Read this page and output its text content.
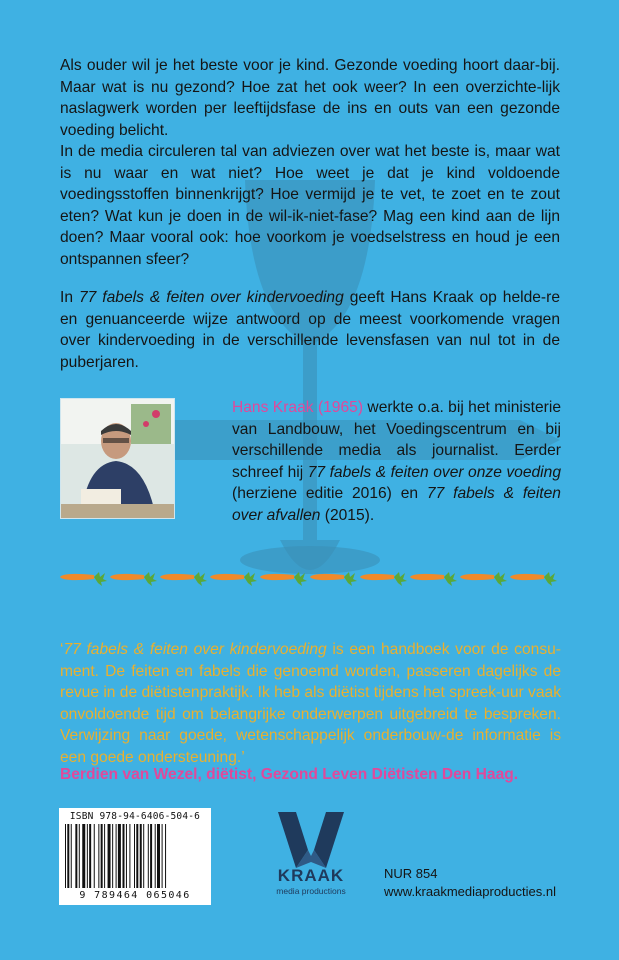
Als ouder wil je het beste voor je kind. Gezonde voeding hoort daar-bij. Maar wat is nu gezond? Hoe zat het ook weer? In een overzichte-lijk naslagwerk worden per leeftijdsfase de ins en outs van een gezonde voeding belicht.

In de media circuleren tal van adviezen over wat het beste is, maar wat is nu waar en wat niet? Hoe weet je dat je kind voldoende voedingsstoffen binnenkrijgt? Hoe vermijd je te vet, te zoet en te zout eten? Wat kun je doen in de wil-ik-niet-fase? Mag een kind aan de lijn doen? Maar vooral ook: hoe voorkom je voedselstress en houd je een ontspannen sfeer?

In 77 fabels & feiten over kindervoeding geeft Hans Kraak op helde-re en genuanceerde wijze antwoord op de meest voorkomende vragen over kindervoeding in de verschillende levensfasen van nul tot in de puberjaren.

Hans Kraak (1965) werkte o.a. bij het ministerie van Landbouw, het Voedingscentrum en bij verschillende media als journalist. Eerder schreef hij 77 fabels & feiten over onze voeding (herziene editie 2016) en 77 fabels & feiten over afvallen (2015).

‘77 fabels & feiten over kindervoeding is een handboek voor de consu-ment. De feiten en fabels die genoemd worden, passeren dagelijks de revue in de diëtistenpraktijk. Ik heb als diëtist tijdens het spreek-uur vaak onvoldoende tijd om belangrijke onderwerpen uitgebreid te bespreken. Verwijzing naar goede, wetenschappelijk onderbouw-de informatie is een goede ondersteuning.’

Berdien van Wezel, diëtist, Gezond Leven Diëtisten Den Haag.

ISBN 978-94-6406-504-6
9 789464 065046
KRAAK
media productions
NUR 854
www.kraakmediaproducties.nl
